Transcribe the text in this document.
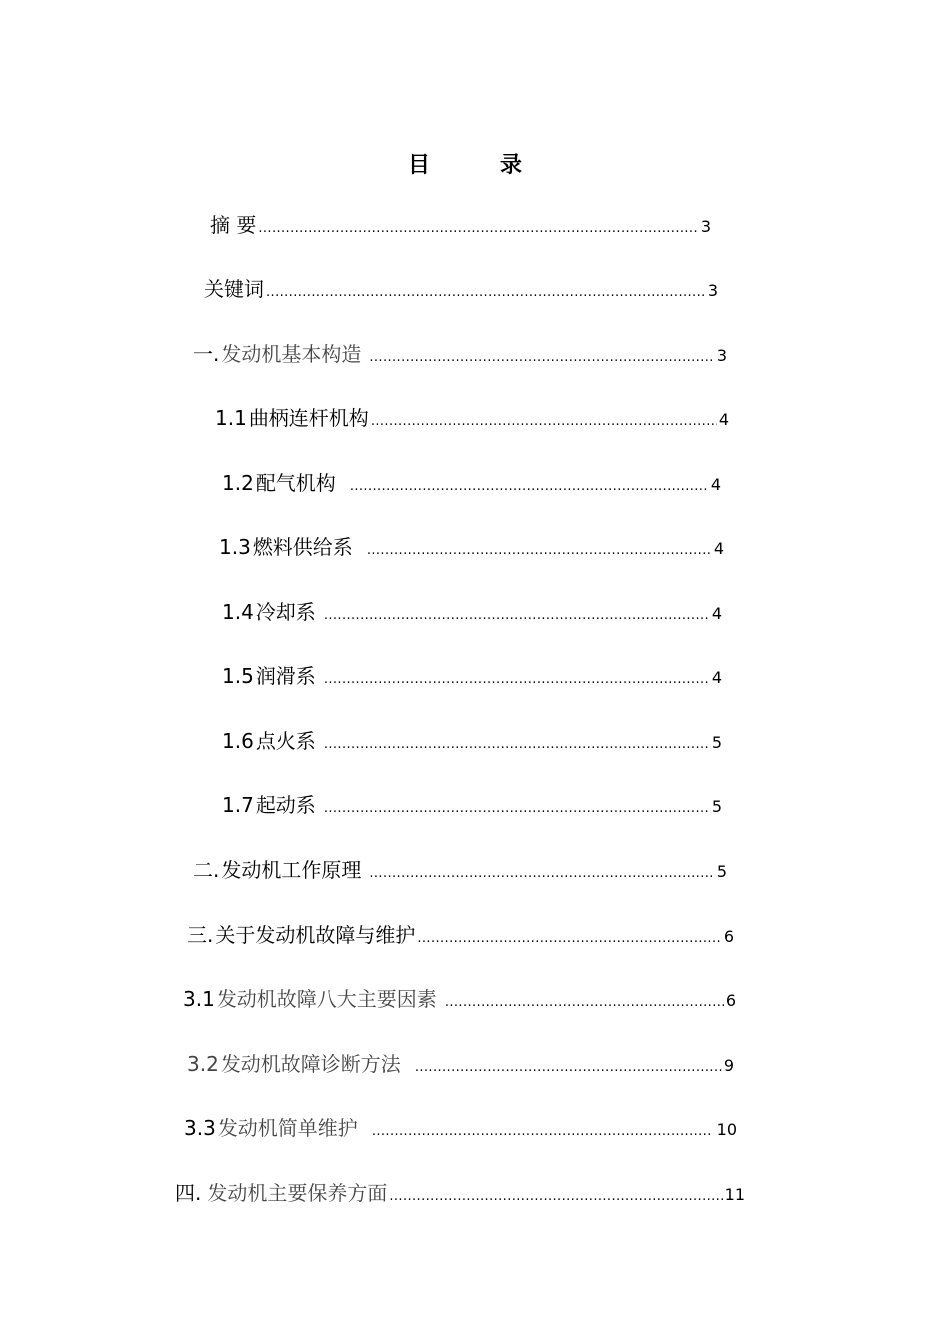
目　录
摘 要 .....	3
关键词 .....	3
一. 发动机基本构造 .....	3
1.1 曲柄连杆机构 .....	4
1.2 配气机构 .....	4
1.3 燃料供给系 .....	4
1.4 冷却系 .....	4
1.5 润滑系 .....	4
1.6 点火系 .....	5
1.7 起动系 .....	5
二. 发动机工作原理 .....	5
三. 关于发动机故障与维护 .....	6
3.1 发动机故障八大主要因素 .....	6
3.2 发动机故障诊断方法 .....	9
3.3 发动机简单维护 .....	10
四. 发动机主要保养方面 .....	11
